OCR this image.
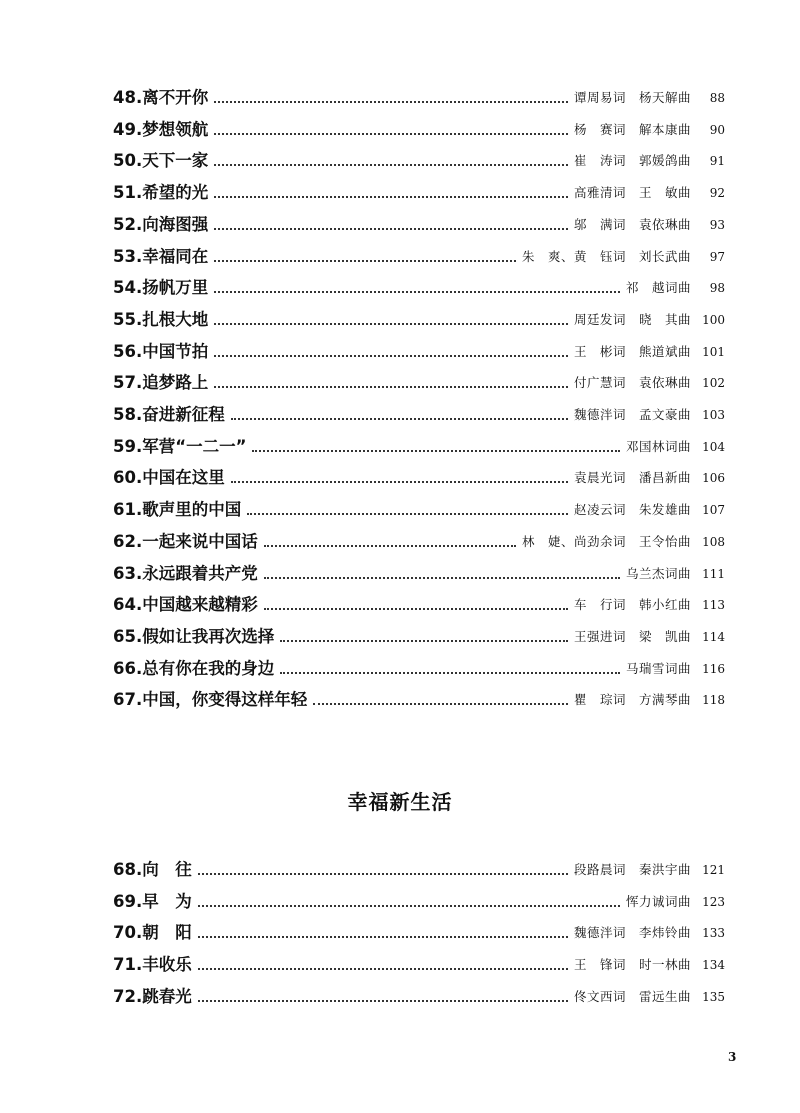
48. 离不开你	谭周易词　杨天解曲	88
49. 梦想领航	杨　赛词　解本康曲	90
50. 天下一家	崔　涛词　郭媛鸽曲	91
51. 希望的光	高雅清词　王　敏曲	92
52. 向海图强	邬　满词　袁依琳曲	93
53. 幸福同在	朱　爽、黄　钰词　刘长武曲	97
54. 扬帆万里	祁　越词曲	98
55. 扎根大地	周廷发词　晓　其曲 100
56. 中国节拍	王　彬词　熊道斌曲 101
57. 追梦路上	付广慧词　袁依琳曲 102
58. 奋进新征程	魏德泮词　孟文豪曲 103
59. 军营“一二一”	邓国林词曲 104
60. 中国在这里	袁晨光词　潘昌新曲 106
61. 歌声里的中国	赵凌云词　朱发雄曲 107
62. 一起来说中国话	林　婕、尚劲余词　王令怡曲 108
63. 永远跟着共产党	乌兰杰词曲 111
64. 中国越来越精彩	车　行词　韩小红曲 113
65. 假如让我再次选择	王强进词　梁　凯曲 114
66. 总有你在我的身边	马瑞雪词曲 116
67. 中国，你变得这样年轻	瞿　琮词　方满琴曲 118
幸福新生活
68. 向　往	段路晨词　秦洪宇曲 121
69. 早　为	恽力诚词曲 123
70. 朝　阳	魏德泮词　李炜铃曲 133
71. 丰收乐	王　锋词　时一林曲 134
72. 跳春光	佟文西词　雷远生曲 135
3
